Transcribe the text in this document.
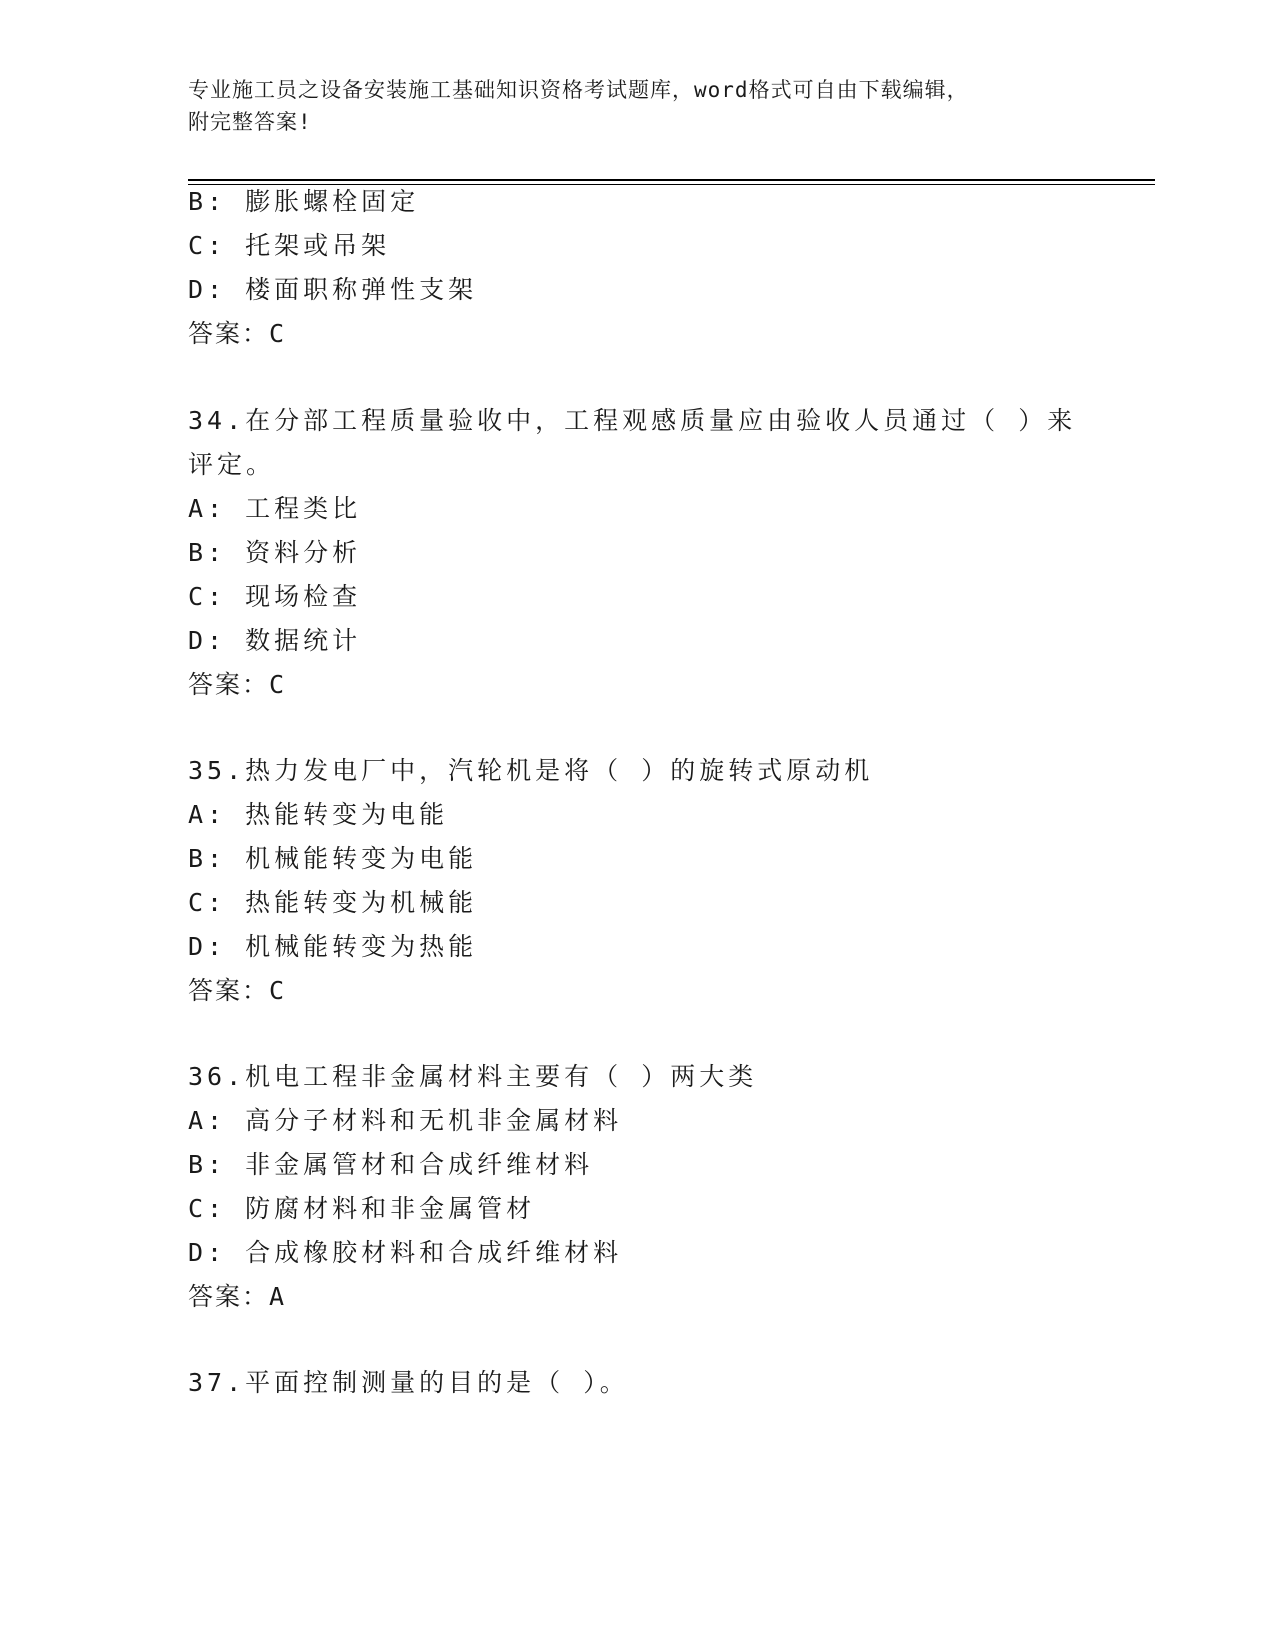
专业施工员之设备安装施工基础知识资格考试题库，word格式可自由下载编辑，
附完整答案!
B: 膨胀螺栓固定
C: 托架或吊架
D: 楼面职称弹性支架
答案：C
34.在分部工程质量验收中，工程观感质量应由验收人员通过（ ）来
评定。
A: 工程类比
B: 资料分析
C: 现场检查
D: 数据统计
答案：C
35.热力发电厂中，汽轮机是将（ ）的旋转式原动机
A: 热能转变为电能
B: 机械能转变为电能
C: 热能转变为机械能
D: 机械能转变为热能
答案：C
36.机电工程非金属材料主要有（ ）两大类
A: 高分子材料和无机非金属材料
B: 非金属管材和合成纤维材料
C: 防腐材料和非金属管材
D: 合成橡胶材料和合成纤维材料
答案：A
37.平面控制测量的目的是（ ）。
